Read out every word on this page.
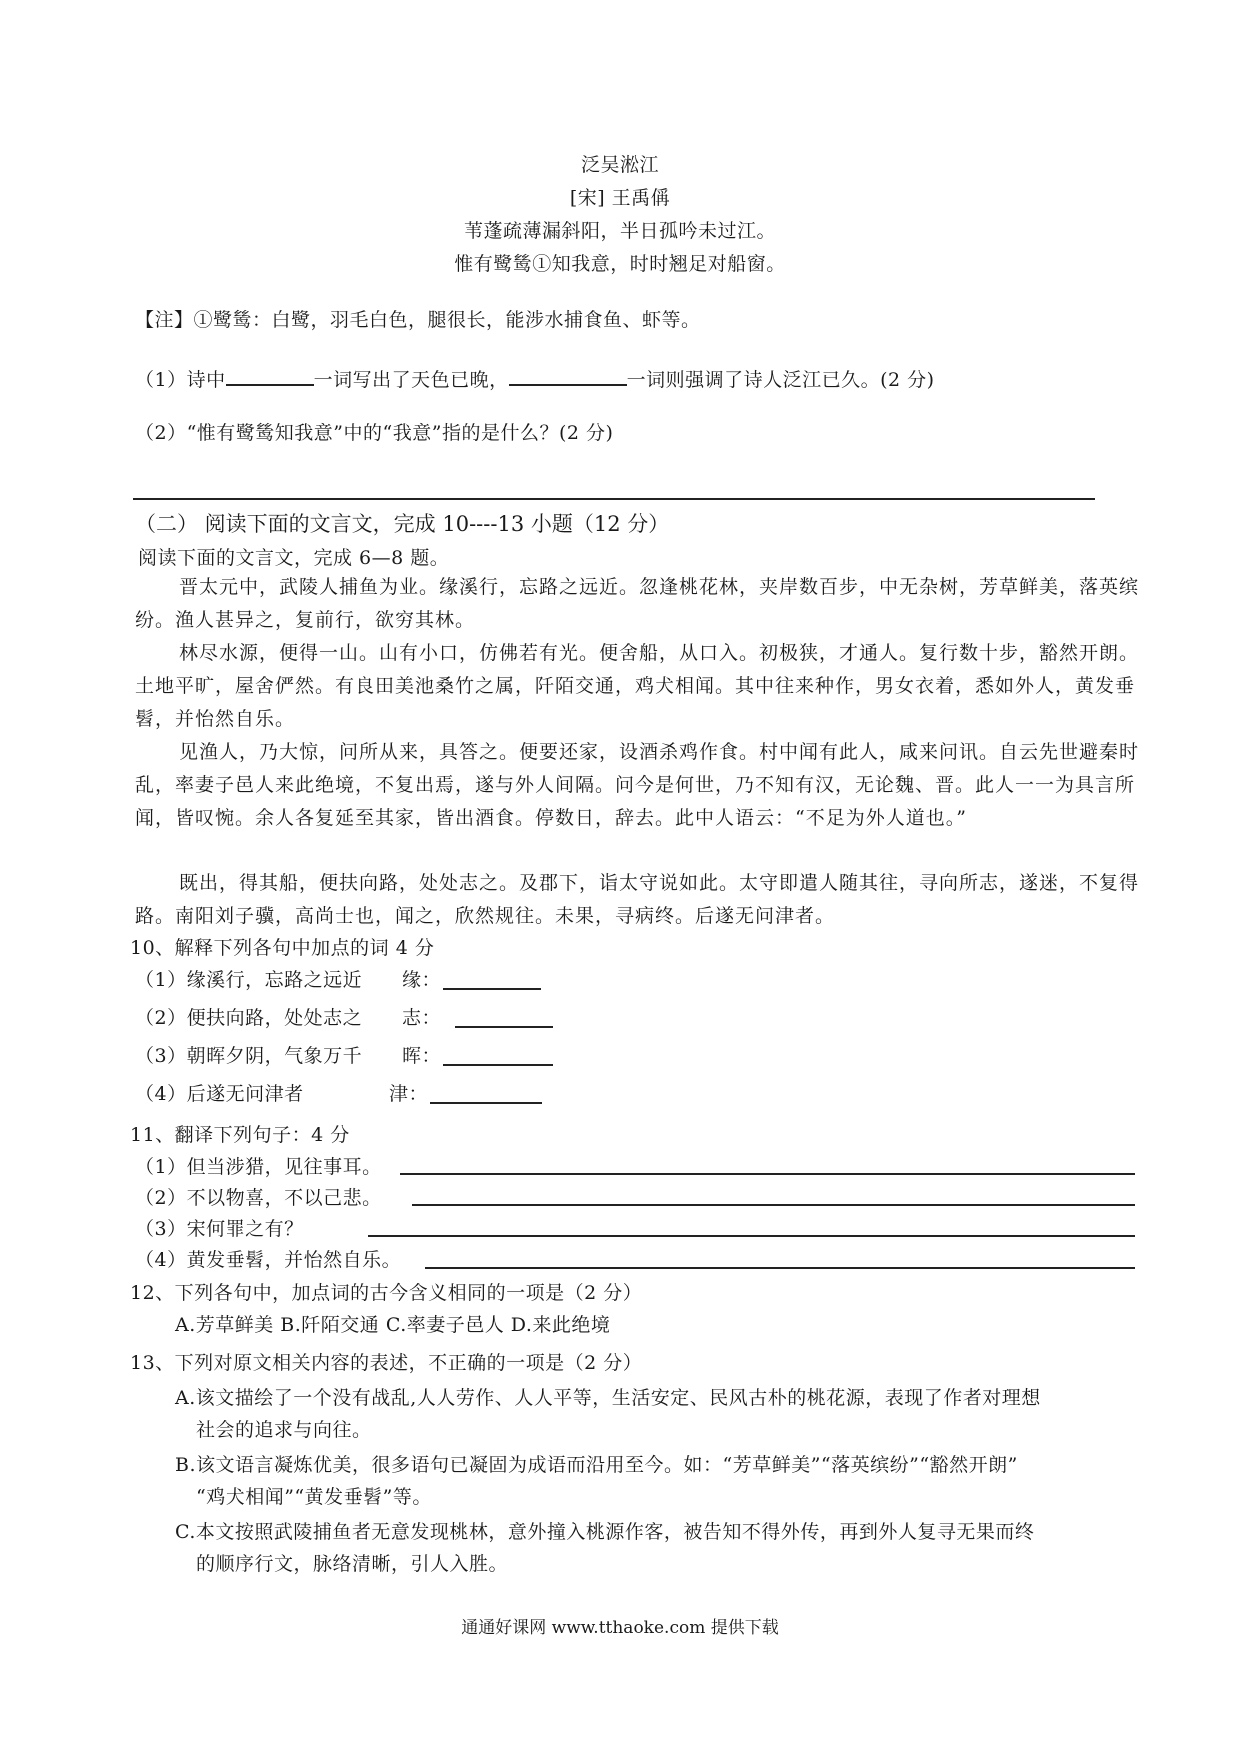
泛吴淞江
[宋] 王禹偁
苇蓬疏薄漏斜阳，半日孤吟未过江。
惟有鹭鸶①知我意，时时翘足对船窗。
【注】①鹭鸶：白鹭，羽毛白色，腿很长，能涉水捕食鱼、虾等。
（1）诗中	一词写出了天色已晚，	一词则强调了诗人泛江已久。(2 分)
（2）“惟有鹭鸶知我意”中的“我意”指的是什么？(2 分)
（二） 阅读下面的文言文，完成 10----13 小题（12 分）
阅读下面的文言文，完成 6—8 题。
晋太元中，武陵人捕鱼为业。缘溪行，忘路之远近。忽逢桃花林，夹岸数百步，中无杂树，芳草鲜美，落英缤纷。渔人甚异之，复前行，欲穷其林。
林尽水源，便得一山。山有小口，仿佛若有光。便舍船，从口入。初极狭，才通人。复行数十步，豁然开朗。土地平旷，屋舍俨然。有良田美池桑竹之属，阡陌交通，鸡犬相闻。其中往来种作，男女衣着，悉如外人，黄发垂髫，并怡然自乐。
见渔人，乃大惊，问所从来，具答之。便要还家，设酒杀鸡作食。村中闻有此人，咸来问讯。自云先世避秦时乱，率妻子邑人来此绝境，不复出焉，遂与外人间隔。问今是何世，乃不知有汉，无论魏、晋。此人一一为具言所闻，皆叹惋。余人各复延至其家，皆出酒食。停数日，辞去。此中人语云：“不足为外人道也。”
既出，得其船，便扶向路，处处志之。及郡下，诣太守说如此。太守即遣人随其往，寻向所志，遂迷，不复得路。南阳刘子骥，高尚士也，闻之，欣然规往。未果，寻病终。后遂无问津者。
10、解释下列各句中加点的词 4 分
（1）缘溪行，忘路之远近 缘：
（2）便扶向路，处处志之 志：
（3）朝晖夕阴，气象万千 晖：
（4）后遂无问津者	津：
11、翻译下列句子：4 分
（1）但当涉猎，见往事耳。
（2）不以物喜，不以己悲。
（3）宋何罪之有？
（4）黄发垂髫，并怡然自乐。
12、下列各句中，加点词的古今含义相同的一项是（2 分）
A.芳草鲜美 B.阡陌交通 C.率妻子邑人 D.来此绝境
13、下列对原文相关内容的表述，不正确的一项是（2 分）
A.该文描绘了一个没有战乱,人人劳作、人人平等，生活安定、民风古朴的桃花源，表现了作者对理想
社会的追求与向往。
B.该文语言凝炼优美，很多语句已凝固为成语而沿用至今。如：“芳草鲜美”“落英缤纷”“豁然开朗”
“鸡犬相闻”“黄发垂髫”等。
C.本文按照武陵捕鱼者无意发现桃林，意外撞入桃源作客，被告知不得外传，再到外人复寻无果而终
的顺序行文，脉络清晰，引人入胜。
通通好课网 www.tthaoke.com 提供下载
